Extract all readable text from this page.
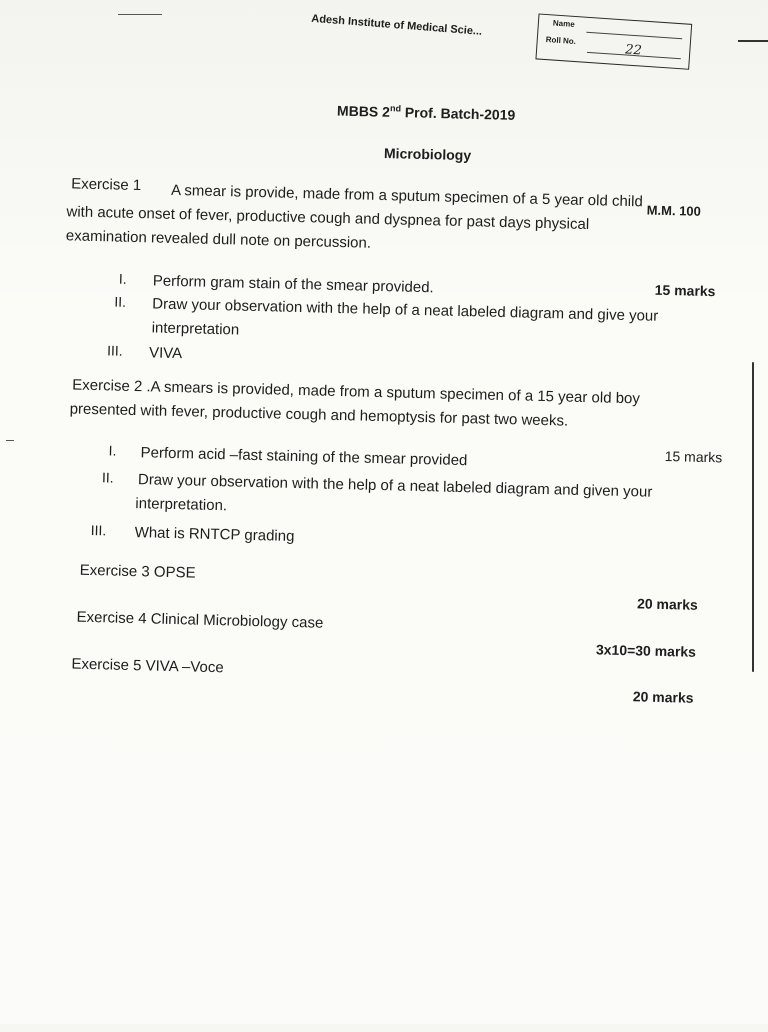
Adesh Institute of Medical Scie...	Name
Roll No.
22
MBBS 2nd Prof. Batch-2019
Microbiology
M.M. 100
Exercise 1 A smear is provide, made from a sputum specimen of a 5 year old child
with acute onset of fever, productive cough and dyspnea for past days physical
examination revealed dull note on percussion.
15 marks
I. Perform gram stain of the smear provided.
II. Draw your observation with the help of a neat labeled diagram and give your
interpretation
III. VIVA
Exercise 2 .A smears is provided, made from a sputum specimen of a 15 year old boy
presented with fever, productive cough and hemoptysis for past two weeks.
15 marks
I. Perform acid –fast staining of the smear provided
II. Draw your observation with the help of a neat labeled diagram and given your
interpretation.
III. What is RNTCP grading
Exercise 3 OPSE
20 marks
Exercise 4 Clinical Microbiology case
3x10=30 marks
Exercise 5 VIVA –Voce
20 marks
